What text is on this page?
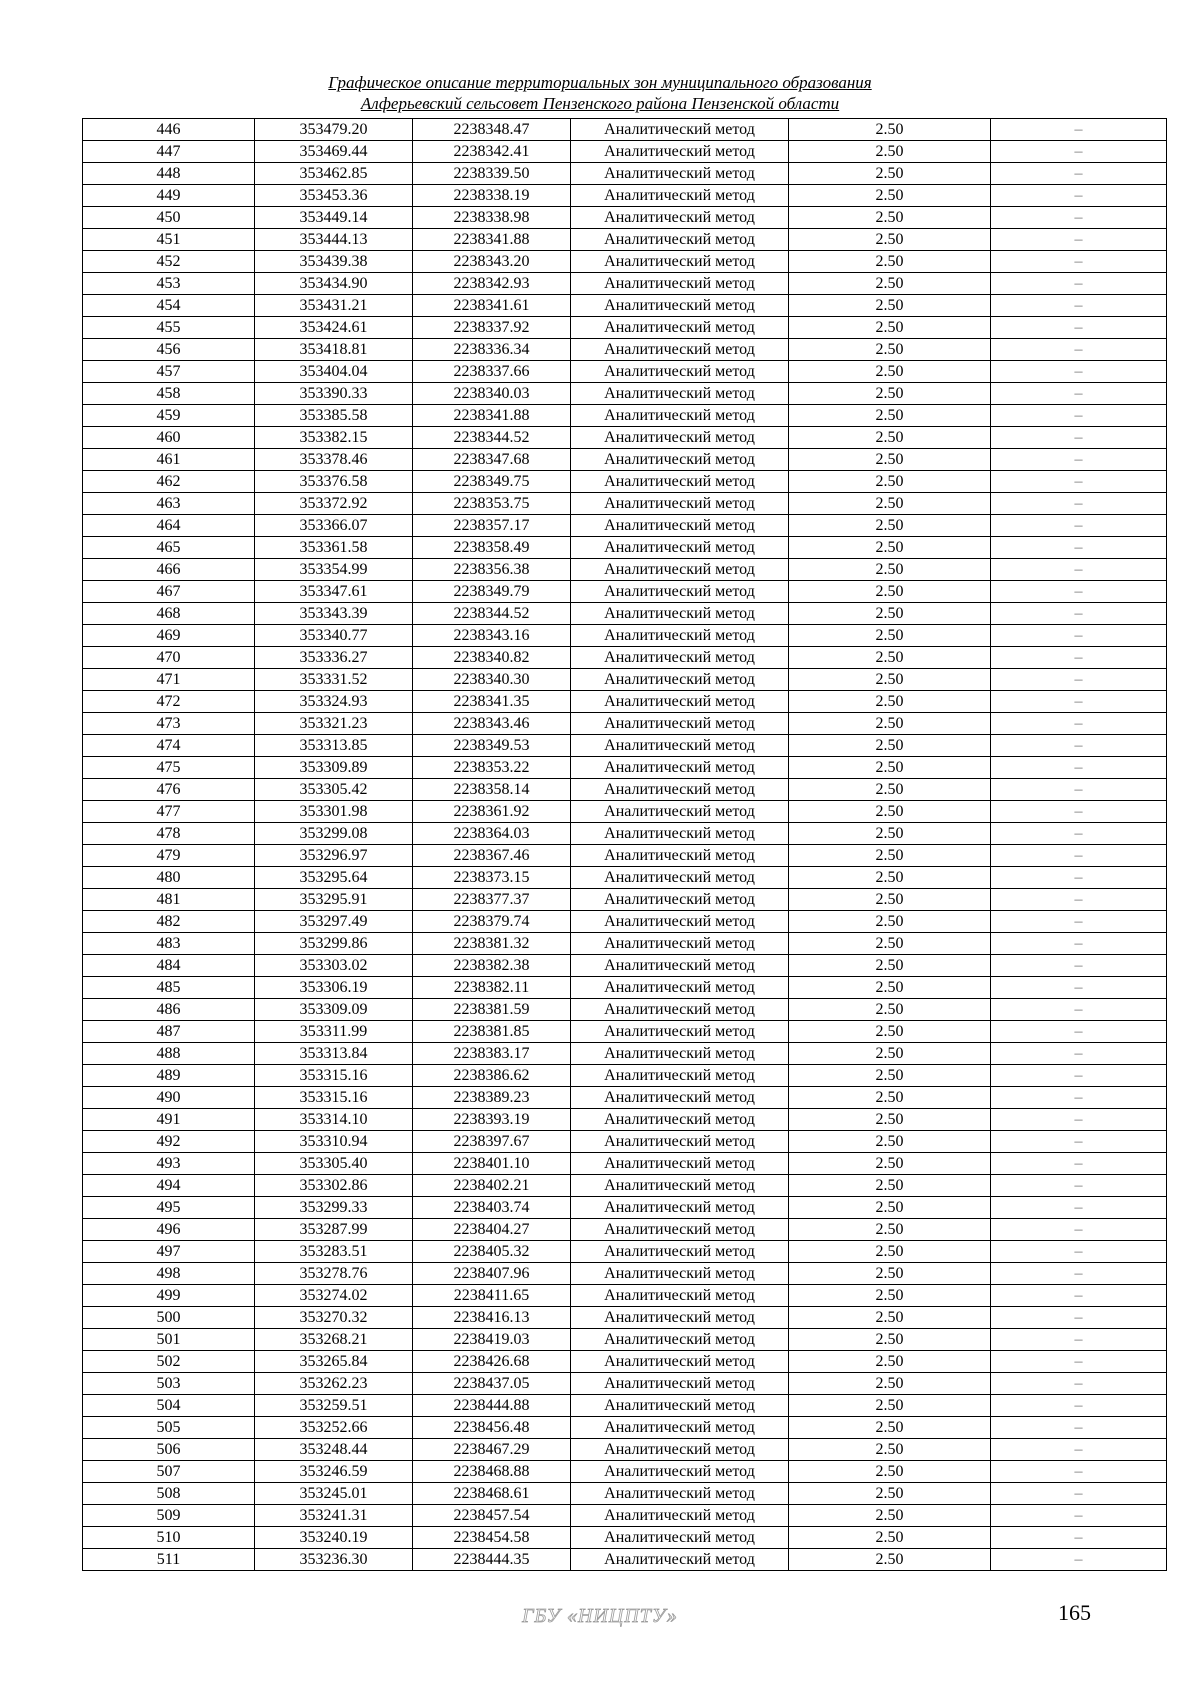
Графическое описание территориальных зон муниципального образования
Алферьевский сельсовет Пензенского района Пензенской области
446	353479.20	2238348.47	Аналитический метод	2.50	–
447	353469.44	2238342.41	Аналитический метод	2.50	–
448	353462.85	2238339.50	Аналитический метод	2.50	–
449	353453.36	2238338.19	Аналитический метод	2.50	–
450	353449.14	2238338.98	Аналитический метод	2.50	–
451	353444.13	2238341.88	Аналитический метод	2.50	–
452	353439.38	2238343.20	Аналитический метод	2.50	–
453	353434.90	2238342.93	Аналитический метод	2.50	–
454	353431.21	2238341.61	Аналитический метод	2.50	–
455	353424.61	2238337.92	Аналитический метод	2.50	–
456	353418.81	2238336.34	Аналитический метод	2.50	–
457	353404.04	2238337.66	Аналитический метод	2.50	–
458	353390.33	2238340.03	Аналитический метод	2.50	–
459	353385.58	2238341.88	Аналитический метод	2.50	–
460	353382.15	2238344.52	Аналитический метод	2.50	–
461	353378.46	2238347.68	Аналитический метод	2.50	–
462	353376.58	2238349.75	Аналитический метод	2.50	–
463	353372.92	2238353.75	Аналитический метод	2.50	–
464	353366.07	2238357.17	Аналитический метод	2.50	–
465	353361.58	2238358.49	Аналитический метод	2.50	–
466	353354.99	2238356.38	Аналитический метод	2.50	–
467	353347.61	2238349.79	Аналитический метод	2.50	–
468	353343.39	2238344.52	Аналитический метод	2.50	–
469	353340.77	2238343.16	Аналитический метод	2.50	–
470	353336.27	2238340.82	Аналитический метод	2.50	–
471	353331.52	2238340.30	Аналитический метод	2.50	–
472	353324.93	2238341.35	Аналитический метод	2.50	–
473	353321.23	2238343.46	Аналитический метод	2.50	–
474	353313.85	2238349.53	Аналитический метод	2.50	–
475	353309.89	2238353.22	Аналитический метод	2.50	–
476	353305.42	2238358.14	Аналитический метод	2.50	–
477	353301.98	2238361.92	Аналитический метод	2.50	–
478	353299.08	2238364.03	Аналитический метод	2.50	–
479	353296.97	2238367.46	Аналитический метод	2.50	–
480	353295.64	2238373.15	Аналитический метод	2.50	–
481	353295.91	2238377.37	Аналитический метод	2.50	–
482	353297.49	2238379.74	Аналитический метод	2.50	–
483	353299.86	2238381.32	Аналитический метод	2.50	–
484	353303.02	2238382.38	Аналитический метод	2.50	–
485	353306.19	2238382.11	Аналитический метод	2.50	–
486	353309.09	2238381.59	Аналитический метод	2.50	–
487	353311.99	2238381.85	Аналитический метод	2.50	–
488	353313.84	2238383.17	Аналитический метод	2.50	–
489	353315.16	2238386.62	Аналитический метод	2.50	–
490	353315.16	2238389.23	Аналитический метод	2.50	–
491	353314.10	2238393.19	Аналитический метод	2.50	–
492	353310.94	2238397.67	Аналитический метод	2.50	–
493	353305.40	2238401.10	Аналитический метод	2.50	–
494	353302.86	2238402.21	Аналитический метод	2.50	–
495	353299.33	2238403.74	Аналитический метод	2.50	–
496	353287.99	2238404.27	Аналитический метод	2.50	–
497	353283.51	2238405.32	Аналитический метод	2.50	–
498	353278.76	2238407.96	Аналитический метод	2.50	–
499	353274.02	2238411.65	Аналитический метод	2.50	–
500	353270.32	2238416.13	Аналитический метод	2.50	–
501	353268.21	2238419.03	Аналитический метод	2.50	–
502	353265.84	2238426.68	Аналитический метод	2.50	–
503	353262.23	2238437.05	Аналитический метод	2.50	–
504	353259.51	2238444.88	Аналитический метод	2.50	–
505	353252.66	2238456.48	Аналитический метод	2.50	–
506	353248.44	2238467.29	Аналитический метод	2.50	–
507	353246.59	2238468.88	Аналитический метод	2.50	–
508	353245.01	2238468.61	Аналитический метод	2.50	–
509	353241.31	2238457.54	Аналитический метод	2.50	–
510	353240.19	2238454.58	Аналитический метод	2.50	–
511	353236.30	2238444.35	Аналитический метод	2.50	–
ГБУ «НИЦПТУ»	165
